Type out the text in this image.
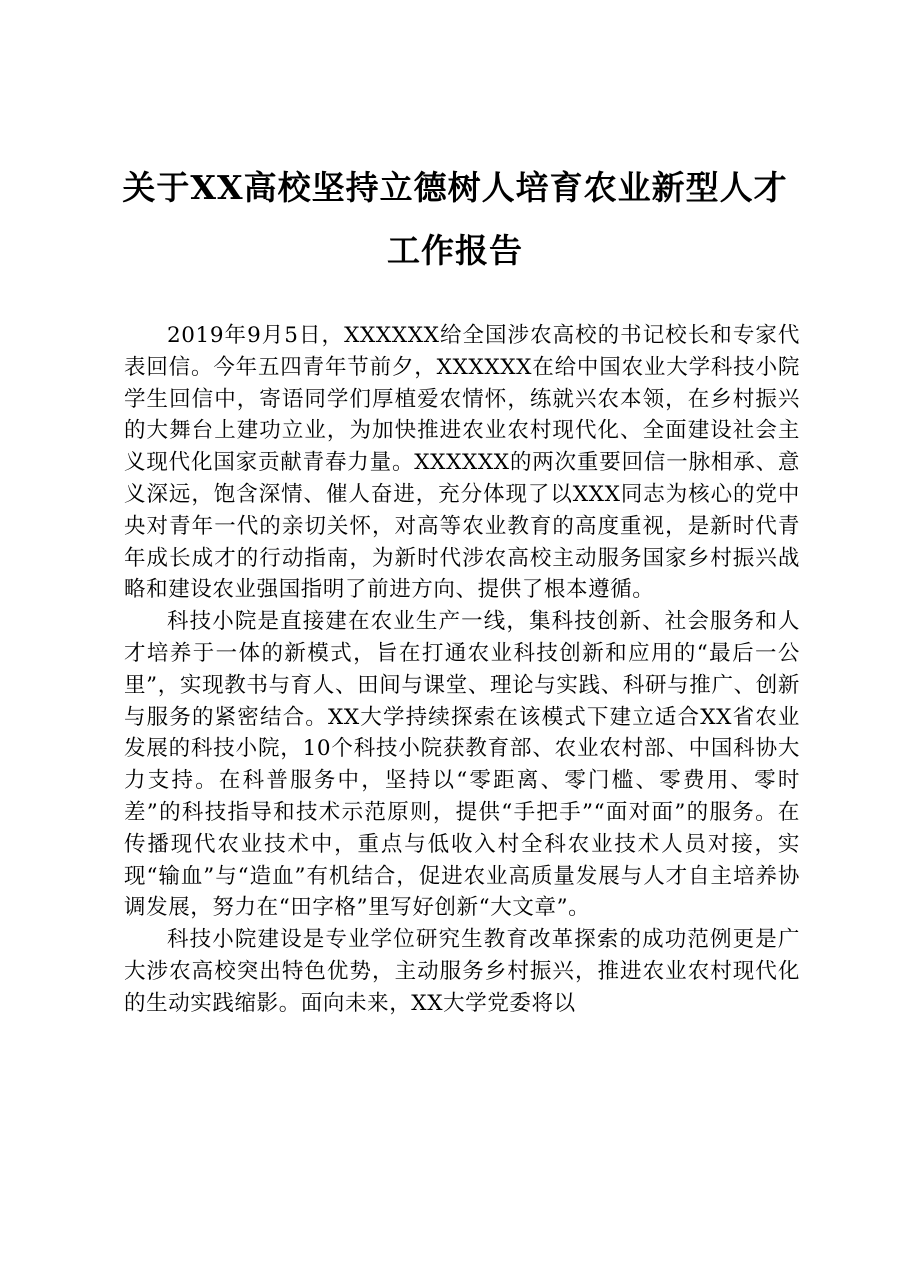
关于XX高校坚持立德树人培育农业新型人才
工作报告

2019年9月5日，XXXXXX给全国涉农高校的书记校长和专家代表回信。今年五四青年节前夕，XXXXXX在给中国农业大学科技小院学生回信中，寄语同学们厚植爱农情怀，练就兴农本领，在乡村振兴的大舞台上建功立业，为加快推进农业农村现代化、全面建设社会主义现代化国家贡献青春力量。XXXXXX的两次重要回信一脉相承、意义深远，饱含深情、催人奋进，充分体现了以XXX同志为核心的党中央对青年一代的亲切关怀，对高等农业教育的高度重视，是新时代青年成长成才的行动指南，为新时代涉农高校主动服务国家乡村振兴战略和建设农业强国指明了前进方向、提供了根本遵循。

科技小院是直接建在农业生产一线，集科技创新、社会服务和人才培养于一体的新模式，旨在打通农业科技创新和应用的“最后一公里”，实现教书与育人、田间与课堂、理论与实践、科研与推广、创新与服务的紧密结合。XX大学持续探索在该模式下建立适合XX省农业发展的科技小院，10个科技小院获教育部、农业农村部、中国科协大力支持。在科普服务中，坚持以“零距离、零门槛、零费用、零时差”的科技指导和技术示范原则，提供“手把手”“面对面”的服务。在传播现代农业技术中，重点与低收入村全科农业技术人员对接，实现“输血”与“造血”有机结合，促进农业高质量发展与人才自主培养协调发展，努力在“田字格”里写好创新“大文章”。

科技小院建设是专业学位研究生教育改革探索的成功范例更是广大涉农高校突出特色优势，主动服务乡村振兴，推进农业农村现代化的生动实践缩影。面向未来，XX大学党委将以
